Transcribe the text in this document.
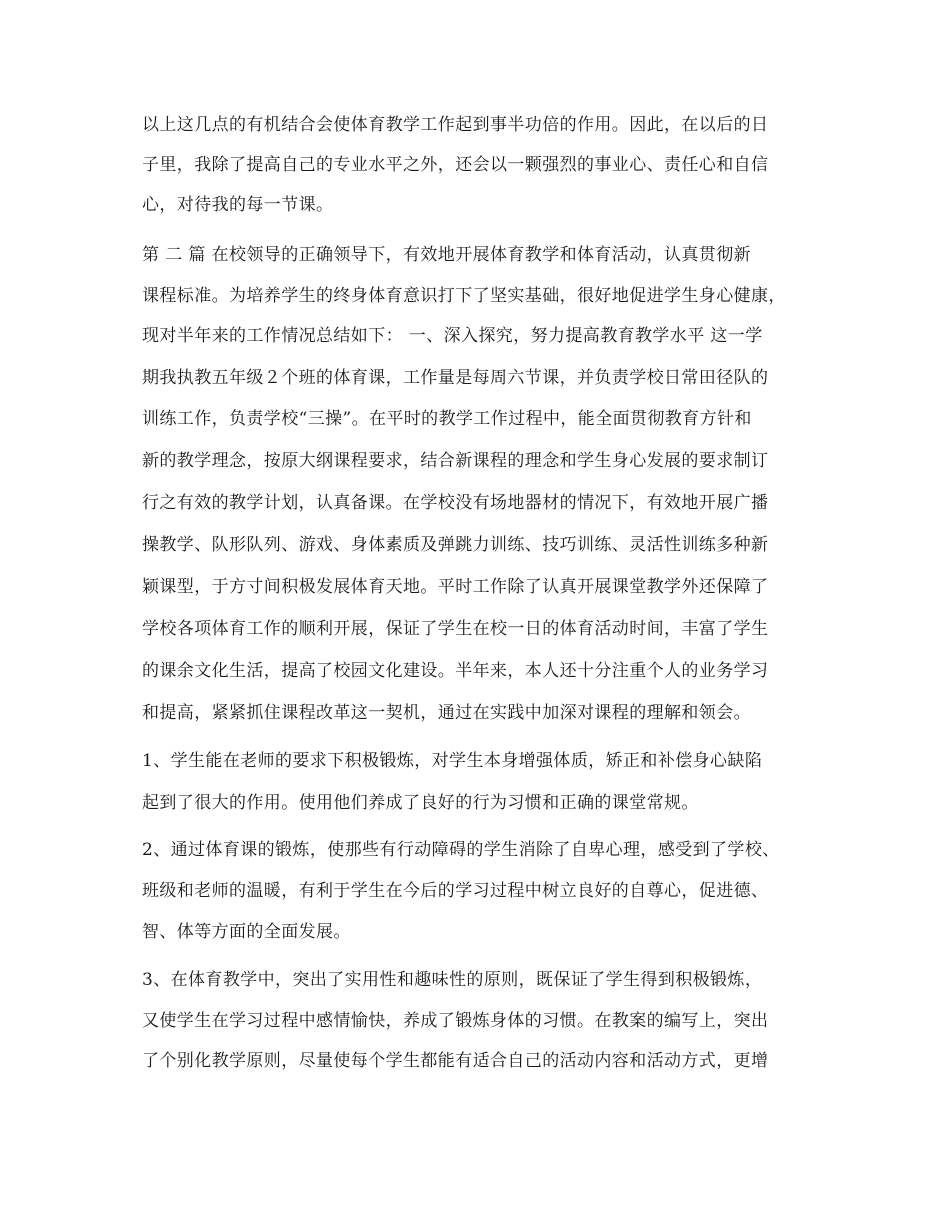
以上这几点的有机结合会使体育教学工作起到事半功倍的作用。因此，在以后的日
子里，我除了提高自己的专业水平之外，还会以一颗强烈的事业心、责任心和自信
心，对待我的每一节课。
第 二 篇 在校领导的正确领导下，有效地开展体育教学和体育活动，认真贯彻新
课程标准。为培养学生的终身体育意识打下了坚实基础，很好地促进学生身心健康，
现对半年来的工作情况总结如下： 一、深入探究，努力提高教育教学水平 这一学
期我执教五年级２个班的体育课，工作量是每周六节课，并负责学校日常田径队的
训练工作，负责学校“三操”。在平时的教学工作过程中，能全面贯彻教育方针和
新的教学理念，按原大纲课程要求，结合新课程的理念和学生身心发展的要求制订
行之有效的教学计划，认真备课。在学校没有场地器材的情况下，有效地开展广播
操教学、队形队列、游戏、身体素质及弹跳力训练、技巧训练、灵活性训练多种新
颖课型，于方寸间积极发展体育天地。平时工作除了认真开展课堂教学外还保障了
学校各项体育工作的顺利开展，保证了学生在校一日的体育活动时间，丰富了学生
的课余文化生活，提高了校园文化建设。半年来，本人还十分注重个人的业务学习
和提高，紧紧抓住课程改革这一契机，通过在实践中加深对课程的理解和领会。
1、学生能在老师的要求下积极锻炼，对学生本身增强体质，矫正和补偿身心缺陷
起到了很大的作用。使用他们养成了良好的行为习惯和正确的课堂常规。
2、通过体育课的锻炼，使那些有行动障碍的学生消除了自卑心理，感受到了学校、
班级和老师的温暖，有利于学生在今后的学习过程中树立良好的自尊心，促进德、
智、体等方面的全面发展。
3、在体育教学中，突出了实用性和趣味性的原则，既保证了学生得到积极锻炼，
又使学生在学习过程中感情愉快，养成了锻炼身体的习惯。在教案的编写上，突出
了个别化教学原则，尽量使每个学生都能有适合自己的活动内容和活动方式，更增
